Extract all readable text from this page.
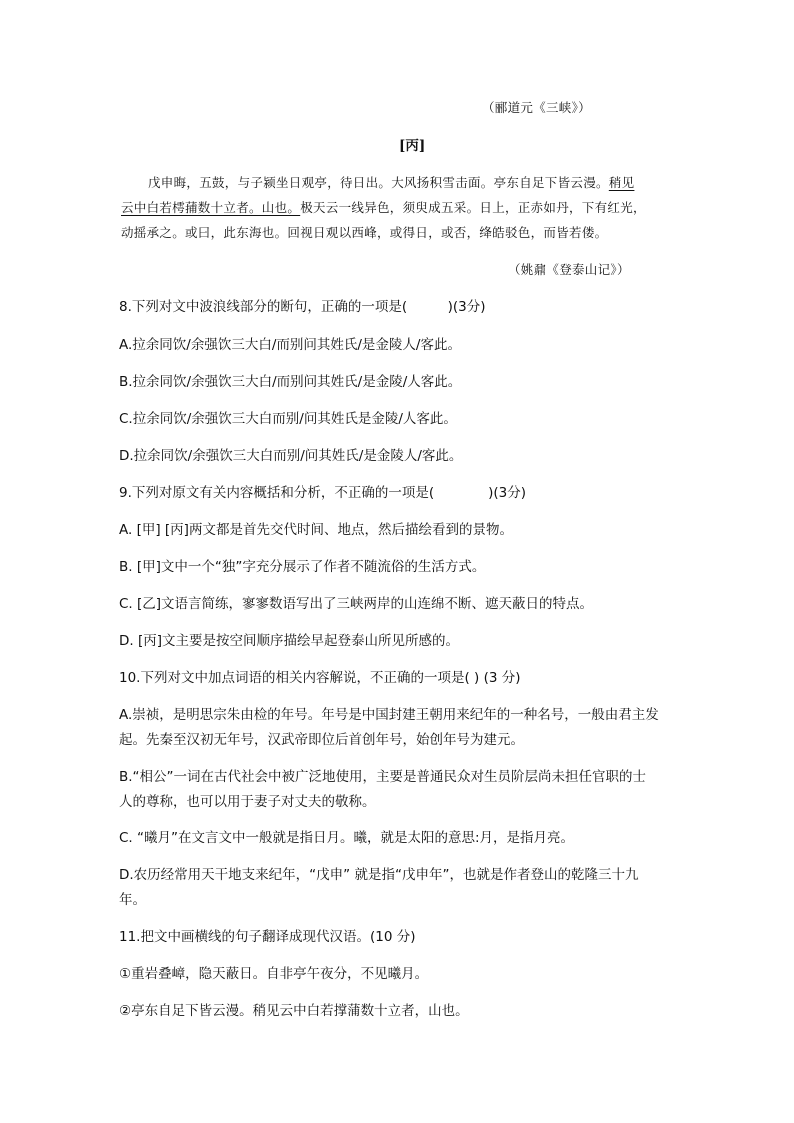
（郦道元《三峡》）
[丙]
戊申晦，五鼓，与子颍坐日观亭，待日出。大风扬积雪击面。亭东自足下皆云漫。稍见
云中白若樗蒱数十立者。山也。极天云一线异色，须臾成五采。日上，正赤如丹，下有红光，
动摇承之。或曰，此东海也。回视日观以西峰，或得日，或否，绛皓驳色，而皆若偻。
（姚鼐《登泰山记》）
8.下列对文中波浪线部分的断句，正确的一项是(　　　)(3分)
A.拉余同饮/余强饮三大白/而别问其姓氏/是金陵人/客此。
B.拉余同饮/余强饮三大白/而别问其姓氏/是金陵/人客此。
C.拉余同饮/余强饮三大白而别/问其姓氏是金陵/人客此。
D.拉余同饮/余强饮三大白而别/问其姓氏/是金陵人/客此。
9.下列对原文有关内容概括和分析，不正确的一项是(　　　　)(3分)
A. [甲] [丙]两文都是首先交代时间、地点，然后描绘看到的景物。
B. [甲]文中一个“独”字充分展示了作者不随流俗的生活方式。
C. [乙]文语言简练，寥寥数语写出了三峡两岸的山连绵不断、遮天蔽日的特点。
D. [丙]文主要是按空间顺序描绘早起登泰山所见所感的。
10.下列对文中加点词语的相关内容解说，不正确的一项是( ) (3 分)
A.崇祯，是明思宗朱由检的年号。年号是中国封建王朝用来纪年的一种名号，一般由君主发
起。先秦至汉初无年号，汉武帝即位后首创年号，始创年号为建元。
B.“相公”一词在古代社会中被广泛地使用，主要是普通民众对生员阶层尚未担任官职的士
人的尊称，也可以用于妻子对丈夫的敬称。
C. “曦月”在文言文中一般就是指日月。曦，就是太阳的意思:月，是指月亮。
D.农历经常用天干地支来纪年，“戊申” 就是指“戊申年”，也就是作者登山的乾隆三十九
年。
11.把文中画横线的句子翻译成现代汉语。(10 分)
①重岩叠嶂，隐天蔽日。自非亭午夜分，不见曦月。
②亭东自足下皆云漫。稍见云中白若撑蒲数十立者，山也。
